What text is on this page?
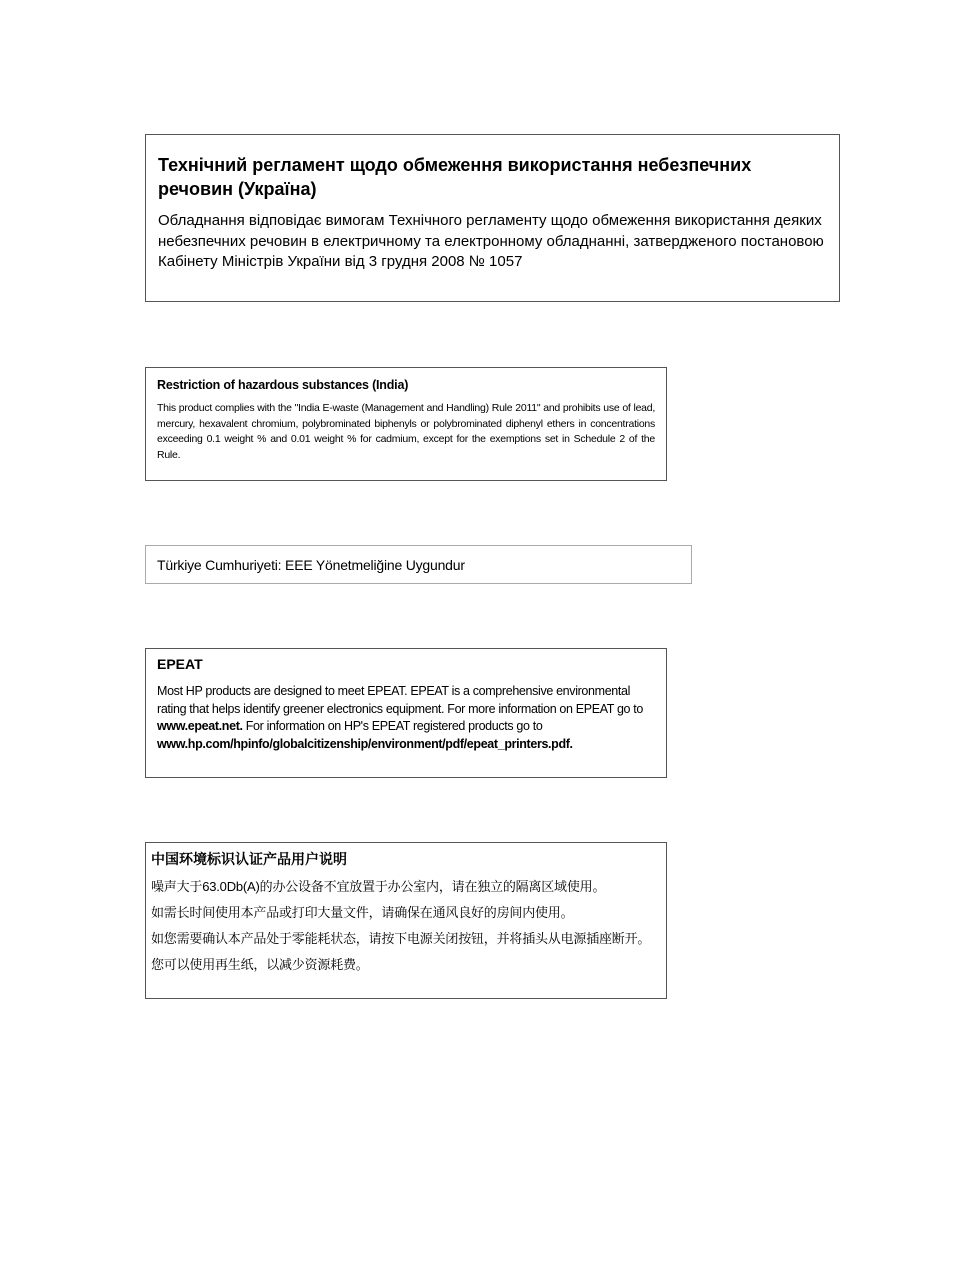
Технічний регламент щодо обмеження використання небезпечних речовин (Україна)

Обладнання відповідає вимогам Технічного регламенту щодо обмеження використання деяких небезпечних речовин в електричному та електронному обладнанні, затвердженого постановою Кабінету Міністрів України від 3 грудня 2008 № 1057

Restriction of hazardous substances (India)

This product complies with the "India E-waste (Management and Handling) Rule 2011" and prohibits use of lead, mercury, hexavalent chromium, polybrominated biphenyls or polybrominated diphenyl ethers in concentrations exceeding 0.1 weight % and 0.01 weight % for cadmium, except for the exemptions set in Schedule 2 of the Rule.

Türkiye Cumhuriyeti: EEE Yönetmeliğine Uygundur

EPEAT

Most HP products are designed to meet EPEAT. EPEAT is a comprehensive environmental rating that helps identify greener electronics equipment. For more information on EPEAT go to www.epeat.net. For information on HP's EPEAT registered products go to
www.hp.com/hpinfo/globalcitizenship/environment/pdf/epeat_printers.pdf.

中国环境标识认证产品用户说明

噪声大于63.0Db(A)的办公设备不宜放置于办公室内，请在独立的隔离区域使用。

如需长时间使用本产品或打印大量文件，请确保在通风良好的房间内使用。

如您需要确认本产品处于零能耗状态，请按下电源关闭按钮，并将插头从电源插座断开。

您可以使用再生纸，以减少资源耗费。
